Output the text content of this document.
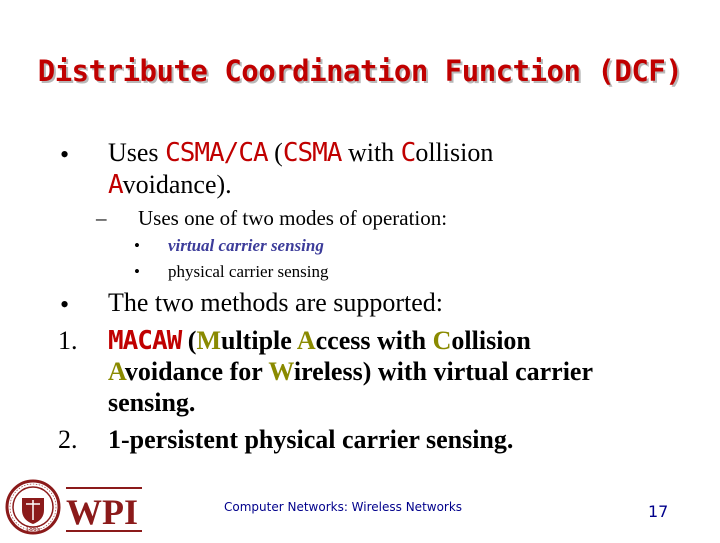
Distribute Coordination Function (DCF)
• Uses CSMA/CA (CSMA with Collision
Avoidance).
– Uses one of two modes of operation:
• virtual carrier sensing
• physical carrier sensing
• The two methods are supported:
1. MACAW (Multiple Access with Collision
Avoidance for Wireless) with virtual carrier
sensing.
2. 1-persistent physical carrier sensing.
1865 WPI	Computer Networks: Wireless Networks	17
